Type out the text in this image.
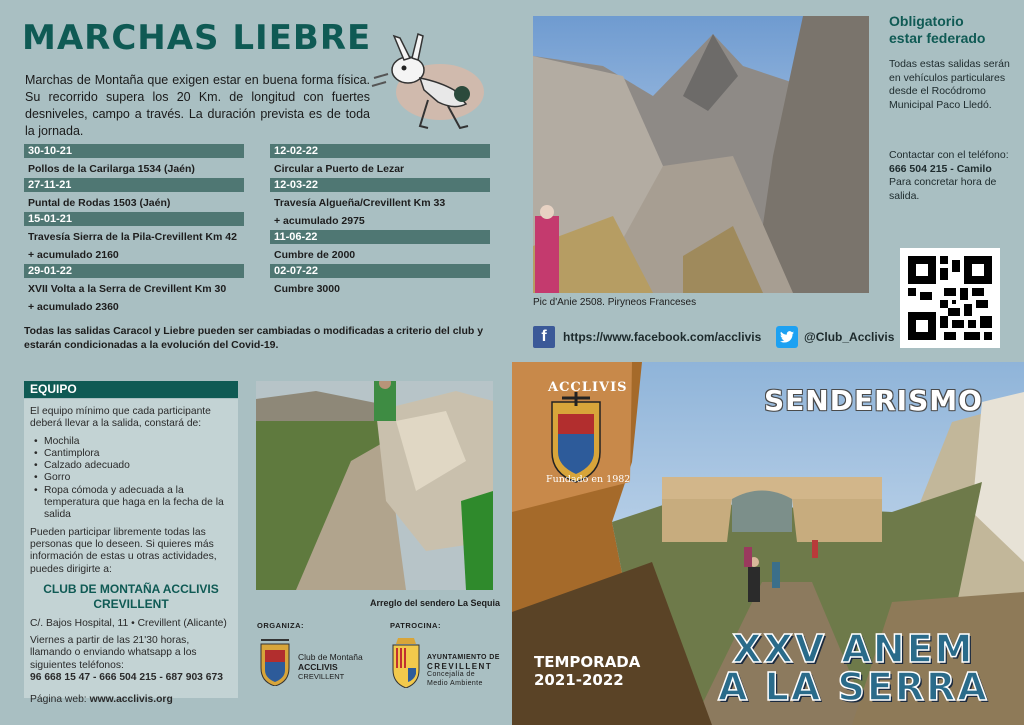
MARCHAS LIEBRE
Marchas de Montaña que exigen estar en buena forma física. Su recorrido supera los 20 Km. de longitud con fuertes desniveles, campo a través. La duración prevista es de toda la jornada.
30-10-21
Pollos de la Carilarga 1534 (Jaén)
27-11-21
Puntal de Rodas 1503 (Jaén)
15-01-21
Travesía Sierra de la Pila-Crevillent Km 42
+ acumulado 2160
29-01-22
XVII Volta a la Serra de Crevillent Km 30
+ acumulado 2360
12-02-22
Circular a Puerto de Lezar
12-03-22
Travesía Algueña/Crevillent Km 33
+ acumulado 2975
11-06-22
Cumbre de 2000
02-07-22
Cumbre 3000
Todas las salidas Caracol y Liebre pueden ser cambiadas o modificadas a criterio del club y estarán condicionadas a la evolución del Covid-19.
Pic d'Anie 2508. Piryneos Franceses
Obligatorio
estar federado
Todas estas salidas serán en vehículos particulares desde el Rocódromo Municipal Paco Lledó.
Contactar con el teléfono:
666 504 215 - Camilo
Para concretar hora de salida.
f	https://www.facebook.com/acclivis	@Club_Acclivis
EQUIPO

El equipo mínimo que cada participante deberá llevar a la salida, constará de:

• Mochila
• Cantimplora
• Calzado adecuado
• Gorro
• Ropa cómoda y adecuada a la temperatura que haga en la fecha de la salida

Pueden participar libremente todas las personas que lo deseen. Si quieres más información de estas u otras actividades, puedes dirigirte a:

CLUB DE MONTAÑA ACCLIVIS
CREVILLENT

C/. Bajos Hospital, 11 • Crevillent (Alicante)

Viernes a partir de las 21'30 horas, llamando o enviando whatsapp a los siguientes teléfonos:

96 668 15 47 - 666 504 215 - 687 903 673

Página web: www.acclivis.org

Arreglo del sendero La Sequia
ORGANIZA:
Club de Montaña
ACCLIVIS
CREVILLENT
PATROCINA:
AYUNTAMIENTO DE
CREVILLENT
Concejalía de
Medio Ambiente
ACCLIVIS
Fundado en 1982
SENDERISMO
TEMPORADA
2021-2022
XXV ANEM
A LA SERRA
